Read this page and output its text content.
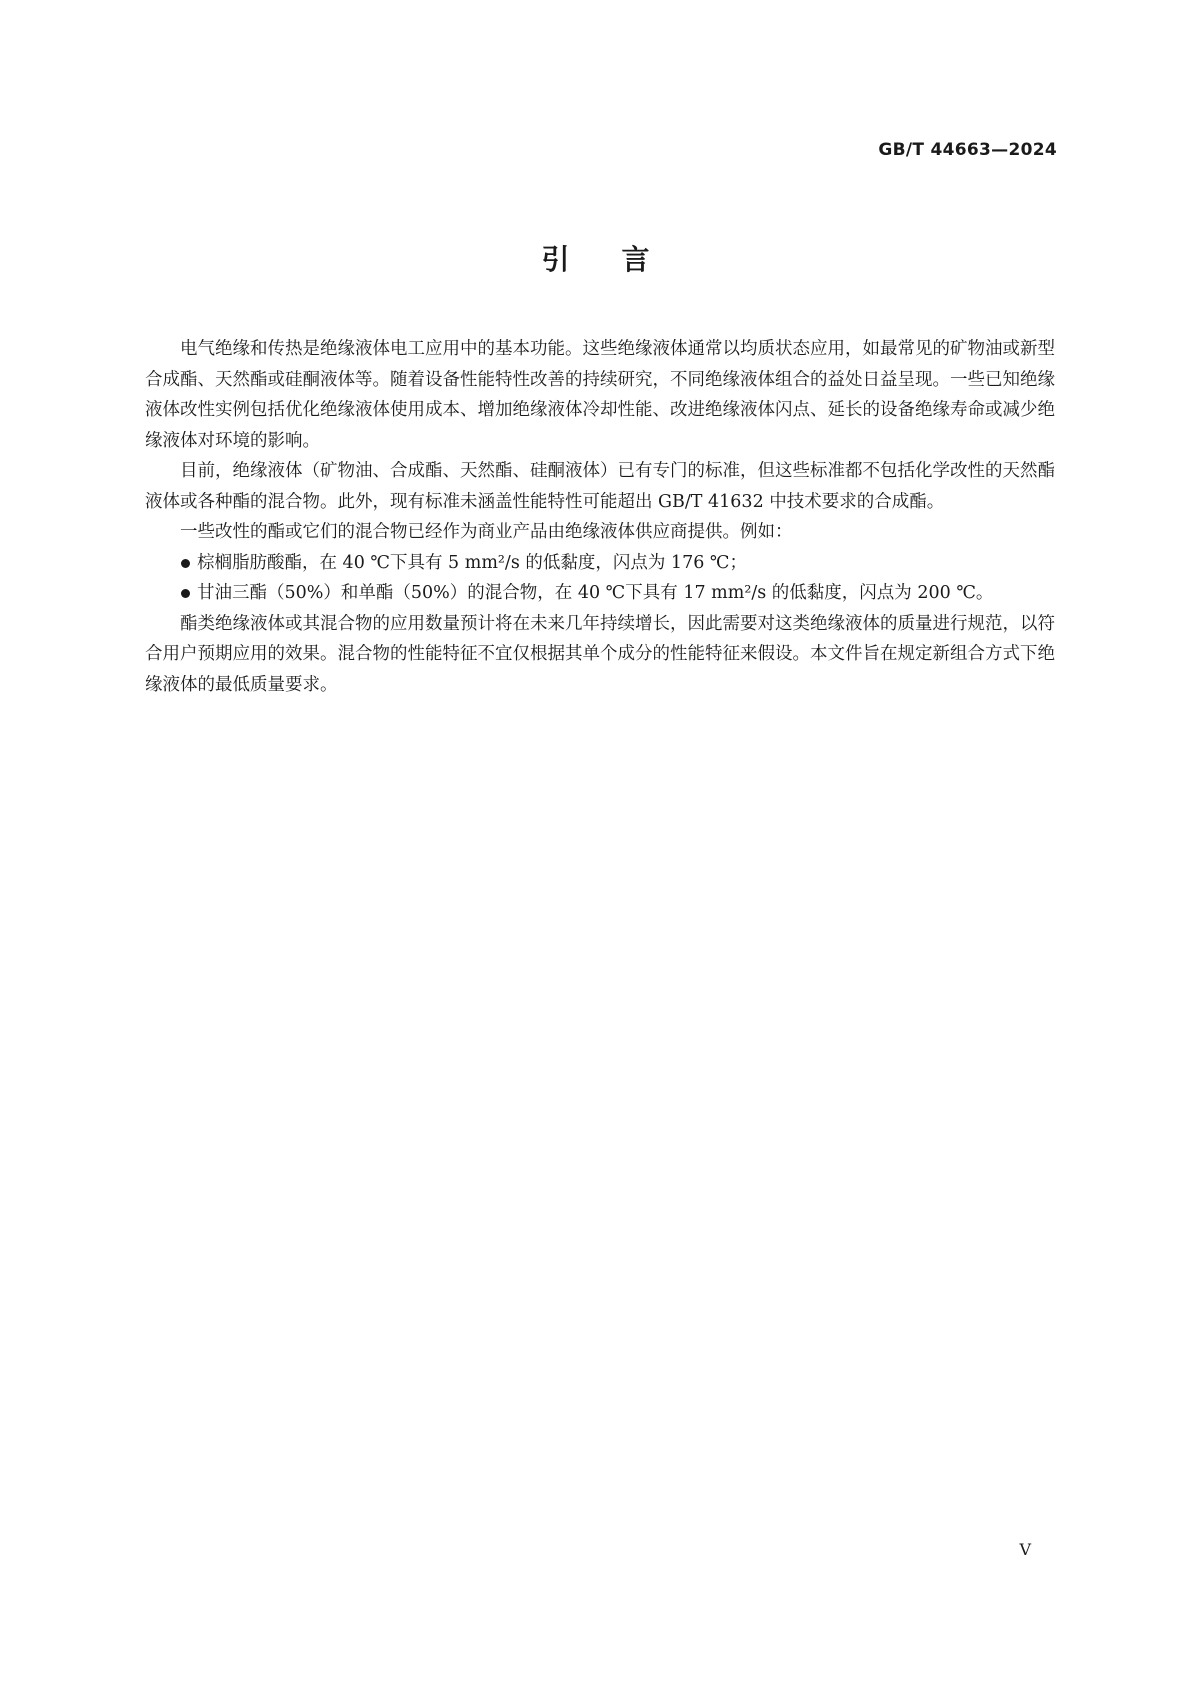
GB/T 44663—2024
引 言

电气绝缘和传热是绝缘液体电工应用中的基本功能。这些绝缘液体通常以均质状态应用，如最常见的矿物油或新型合成酯、天然酯或硅酮液体等。随着设备性能特性改善的持续研究，不同绝缘液体组合的益处日益呈现。一些已知绝缘液体改性实例包括优化绝缘液体使用成本、增加绝缘液体冷却性能、改进绝缘液体闪点、延长的设备绝缘寿命或减少绝缘液体对环境的影响。

目前，绝缘液体（矿物油、合成酯、天然酯、硅酮液体）已有专门的标准，但这些标准都不包括化学改性的天然酯液体或各种酯的混合物。此外，现有标准未涵盖性能特性可能超出 GB/T 41632 中技术要求的合成酯。

一些改性的酯或它们的混合物已经作为商业产品由绝缘液体供应商提供。例如：

棕榈脂肪酸酯，在 40 ℃下具有 5 mm²/s 的低黏度，闪点为 176 ℃；

甘油三酯（50%）和单酯（50%）的混合物，在 40 ℃下具有 17 mm²/s 的低黏度，闪点为 200 ℃。

酯类绝缘液体或其混合物的应用数量预计将在未来几年持续增长，因此需要对这类绝缘液体的质量进行规范，以符合用户预期应用的效果。混合物的性能特征不宜仅根据其单个成分的性能特征来假设。本文件旨在规定新组合方式下绝缘液体的最低质量要求。

V
